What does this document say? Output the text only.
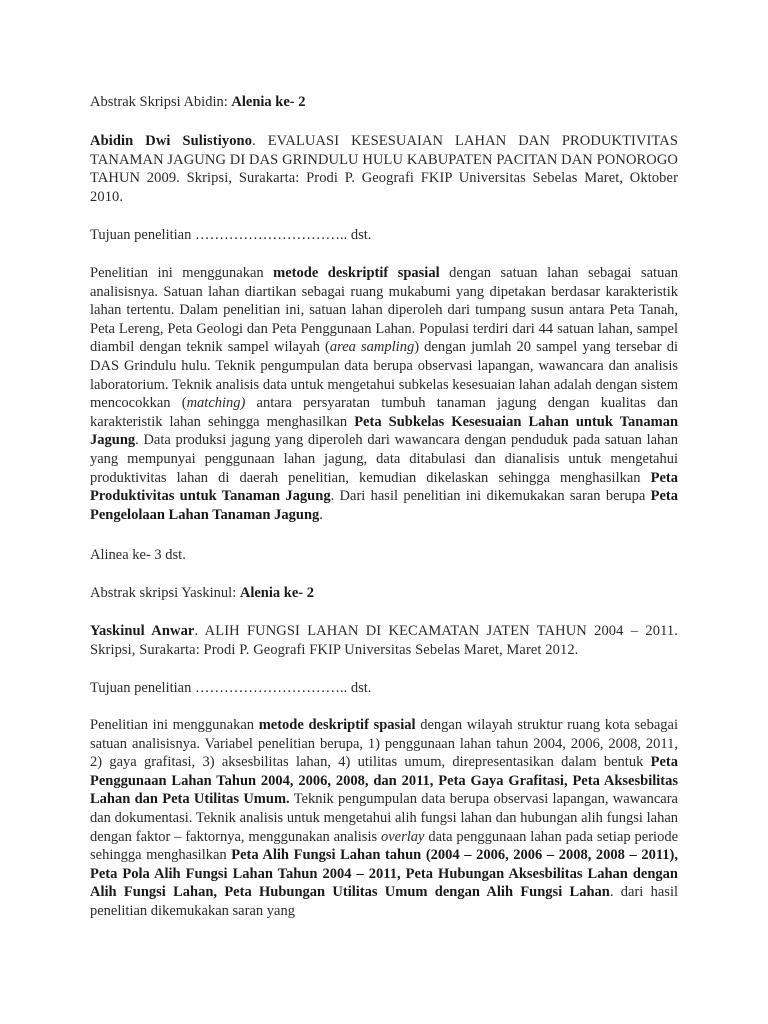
Abstrak Skripsi Abidin: Alenia ke- 2

Abidin Dwi Sulistiyono. EVALUASI KESESUAIAN LAHAN DAN PRODUKTIVITAS TANAMAN JAGUNG DI DAS GRINDULU HULU KABUPATEN PACITAN DAN PONOROGO TAHUN 2009. Skripsi, Surakarta: Prodi P. Geografi FKIP Universitas Sebelas Maret, Oktober 2010.

Tujuan penelitian ………………………….. dst.

Penelitian ini menggunakan metode deskriptif spasial dengan satuan lahan sebagai satuan analisisnya. Satuan lahan diartikan sebagai ruang mukabumi yang dipetakan berdasar karakteristik lahan tertentu. Dalam penelitian ini, satuan lahan diperoleh dari tumpang susun antara Peta Tanah, Peta Lereng, Peta Geologi dan Peta Penggunaan Lahan. Populasi terdiri dari 44 satuan lahan, sampel diambil dengan teknik sampel wilayah (area sampling) dengan jumlah 20 sampel yang tersebar di DAS Grindulu hulu. Teknik pengumpulan data berupa observasi lapangan, wawancara dan analisis laboratorium. Teknik analisis data untuk mengetahui subkelas kesesuaian lahan adalah dengan sistem mencocokkan (matching) antara persyaratan tumbuh tanaman jagung dengan kualitas dan karakteristik lahan sehingga menghasilkan Peta Subkelas Kesesuaian Lahan untuk Tanaman Jagung. Data produksi jagung yang diperoleh dari wawancara dengan penduduk pada satuan lahan yang mempunyai penggunaan lahan jagung, data ditabulasi dan dianalisis untuk mengetahui produktivitas lahan di daerah penelitian, kemudian dikelaskan sehingga menghasilkan Peta Produktivitas untuk Tanaman Jagung. Dari hasil penelitian ini dikemukakan saran berupa Peta Pengelolaan Lahan Tanaman Jagung.

Alinea ke- 3 dst.

Abstrak skripsi Yaskinul: Alenia ke- 2

Yaskinul Anwar. ALIH FUNGSI LAHAN DI KECAMATAN JATEN TAHUN 2004 – 2011. Skripsi, Surakarta: Prodi P. Geografi FKIP Universitas Sebelas Maret, Maret 2012.

Tujuan penelitian ………………………….. dst.

Penelitian ini menggunakan metode deskriptif spasial dengan wilayah struktur ruang kota sebagai satuan analisisnya. Variabel penelitian berupa, 1) penggunaan lahan tahun 2004, 2006, 2008, 2011, 2) gaya grafitasi, 3) aksesbilitas lahan, 4) utilitas umum, direpresentasikan dalam bentuk Peta Penggunaan Lahan Tahun 2004, 2006, 2008, dan 2011, Peta Gaya Grafitasi, Peta Aksesbilitas Lahan dan Peta Utilitas Umum. Teknik pengumpulan data berupa observasi lapangan, wawancara dan dokumentasi. Teknik analisis untuk mengetahui alih fungsi lahan dan hubungan alih fungsi lahan dengan faktor – faktornya, menggunakan analisis overlay data penggunaan lahan pada setiap periode sehingga menghasilkan Peta Alih Fungsi Lahan tahun (2004 – 2006, 2006 – 2008, 2008 – 2011), Peta Pola Alih Fungsi Lahan Tahun 2004 – 2011, Peta Hubungan Aksesbilitas Lahan dengan Alih Fungsi Lahan, Peta Hubungan Utilitas Umum dengan Alih Fungsi Lahan. dari hasil penelitian dikemukakan saran yang
